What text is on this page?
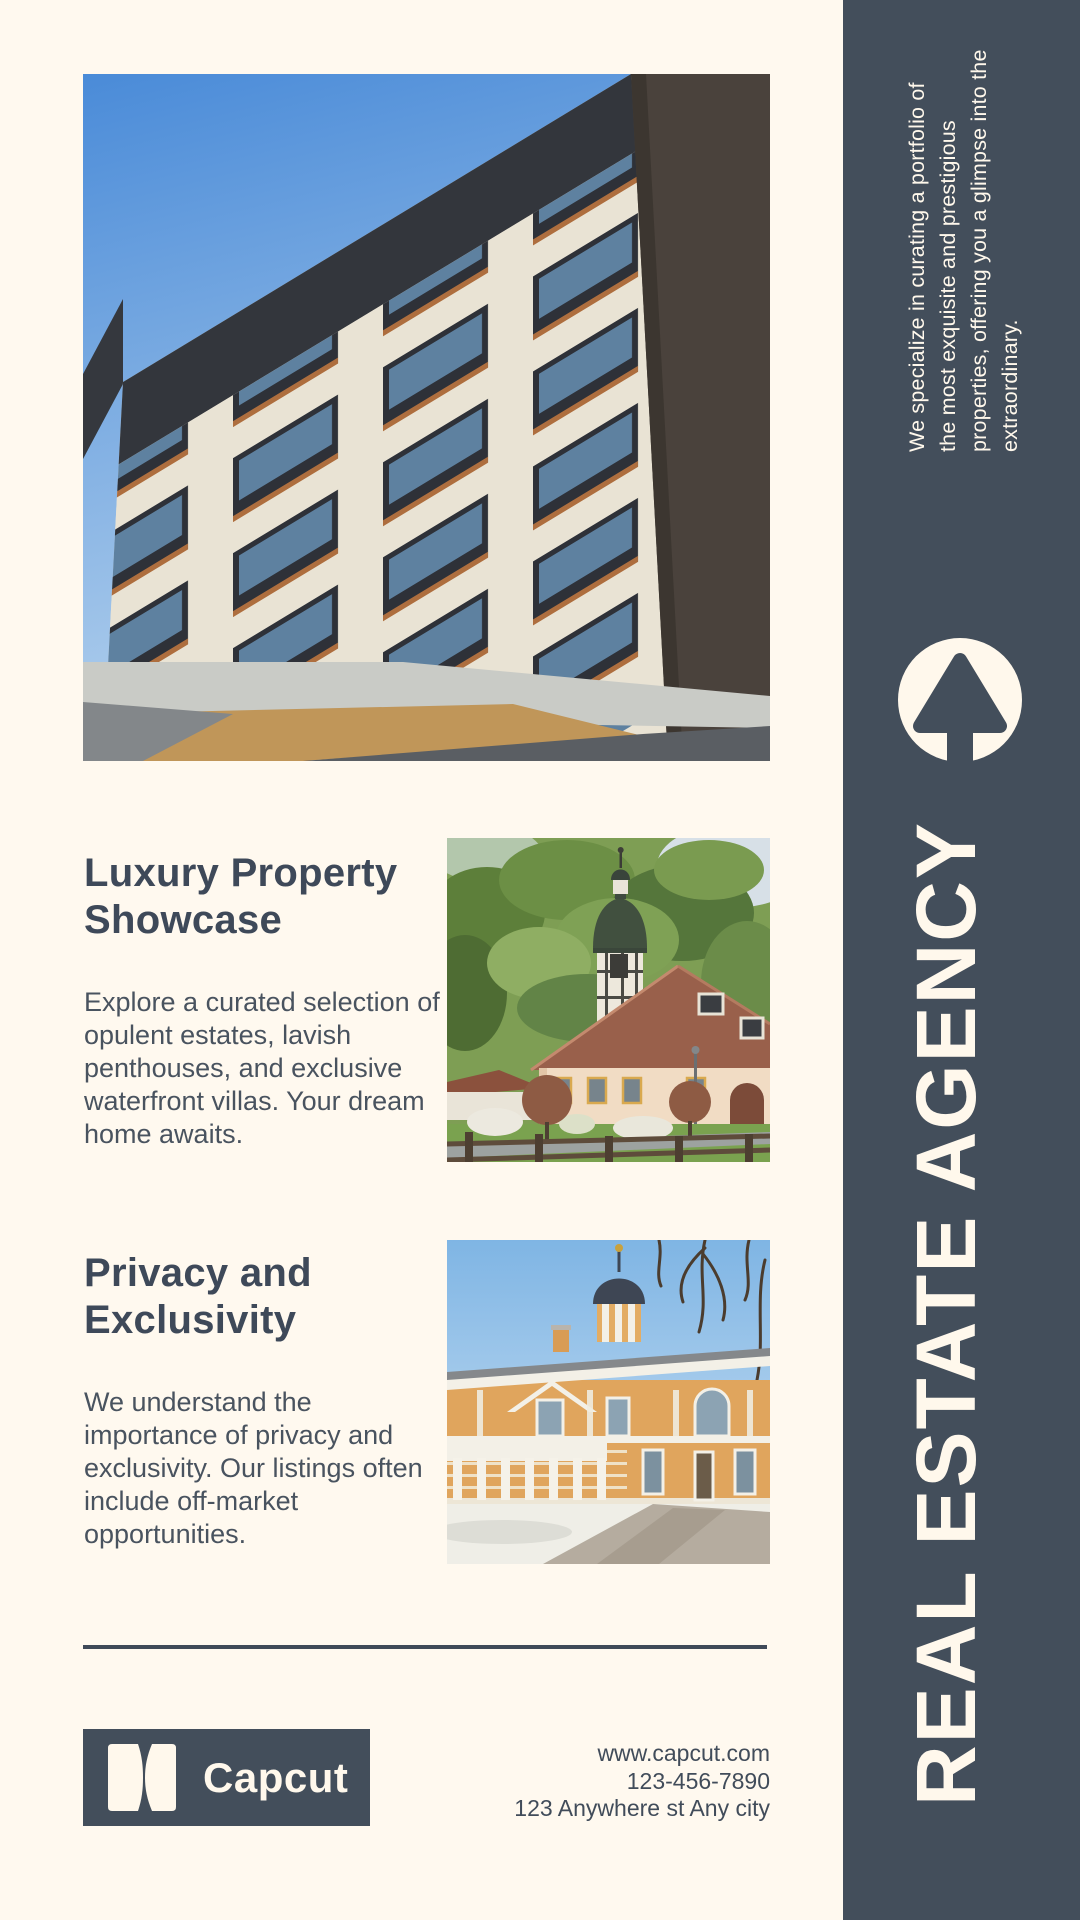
Luxury Property Showcase
Explore a curated selection of opulent estates, lavish penthouses, and exclusive waterfront villas. Your dream home awaits.
Privacy and Exclusivity
We understand the importance of privacy and exclusivity. Our listings often include off-market opportunities.
Capcut
www.capcut.com
123-456-7890
123 Anywhere st Any city
We specialize in curating a portfolio of the most exquisite and prestigious properties, offering you a glimpse into the extraordinary.
REAL ESTATE AGENCY
